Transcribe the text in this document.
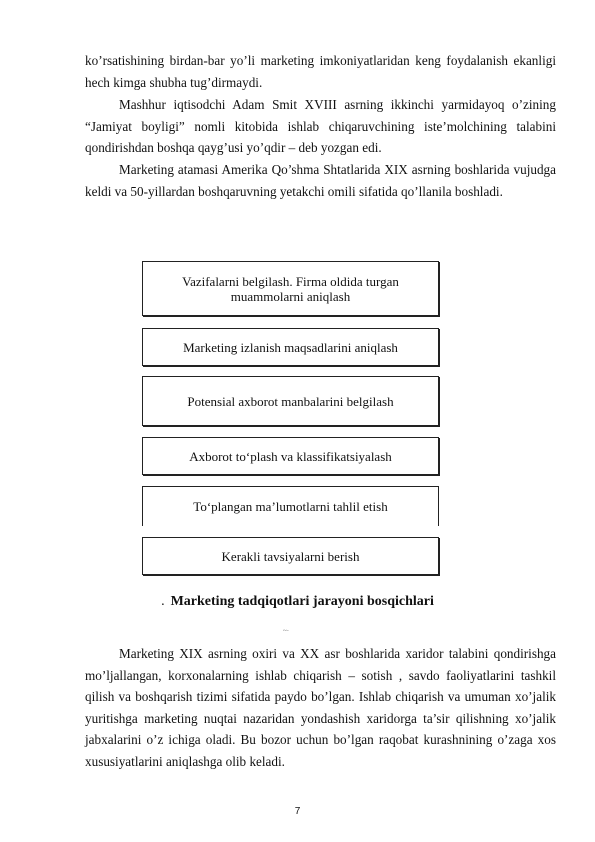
ko’rsatishining birdan-bar yo’li marketing imkoniyatlaridan keng foydalanish ekanligi hech kimga shubha tug’dirmaydi.

Mashhur iqtisodchi Adam Smit XVIII asrning ikkinchi yarmidayoq o’zining “Jamiyat boyligi” nomli kitobida ishlab chiqaruvchining iste’molchining talabini qondirishdan boshqa qayg’usi yo’qdir – deb yozgan edi.

Marketing atamasi Amerika Qo’shma Shtatlarida XIX asrning boshlarida vujudga keldi va 50-yillardan boshqaruvning yetakchi omili sifatida qo’llanila boshladi.

Vazifalarni belgilash. Firma oldida turgan muammolarni aniqlash
Marketing izlanish maqsadlarini aniqlash
Potensial axborot manbalarini belgilash
Axborot to‘plash va klassifikatsiyalash
To‘plangan ma’lumotlarni tahlil etish
Kerakli tavsiyalarni berish
. Marketing tadqiqotlari jarayoni bosqichlari
~·

Marketing XIX asrning oxiri va XX asr boshlarida xaridor talabini qondirishga mo’ljallangan, korxonalarning ishlab chiqarish – sotish , savdo faoliyatlarini tashkil qilish va boshqarish tizimi sifatida paydo bo’lgan. Ishlab chiqarish va umuman xo’jalik yuritishga marketing nuqtai nazaridan yondashish xaridorga ta’sir qilishning xo’jalik jabxalarini o’z ichiga oladi. Bu bozor uchun bo’lgan raqobat kurashnining o’zaga xos xususiyatlarini aniqlashga olib keladi.

7
